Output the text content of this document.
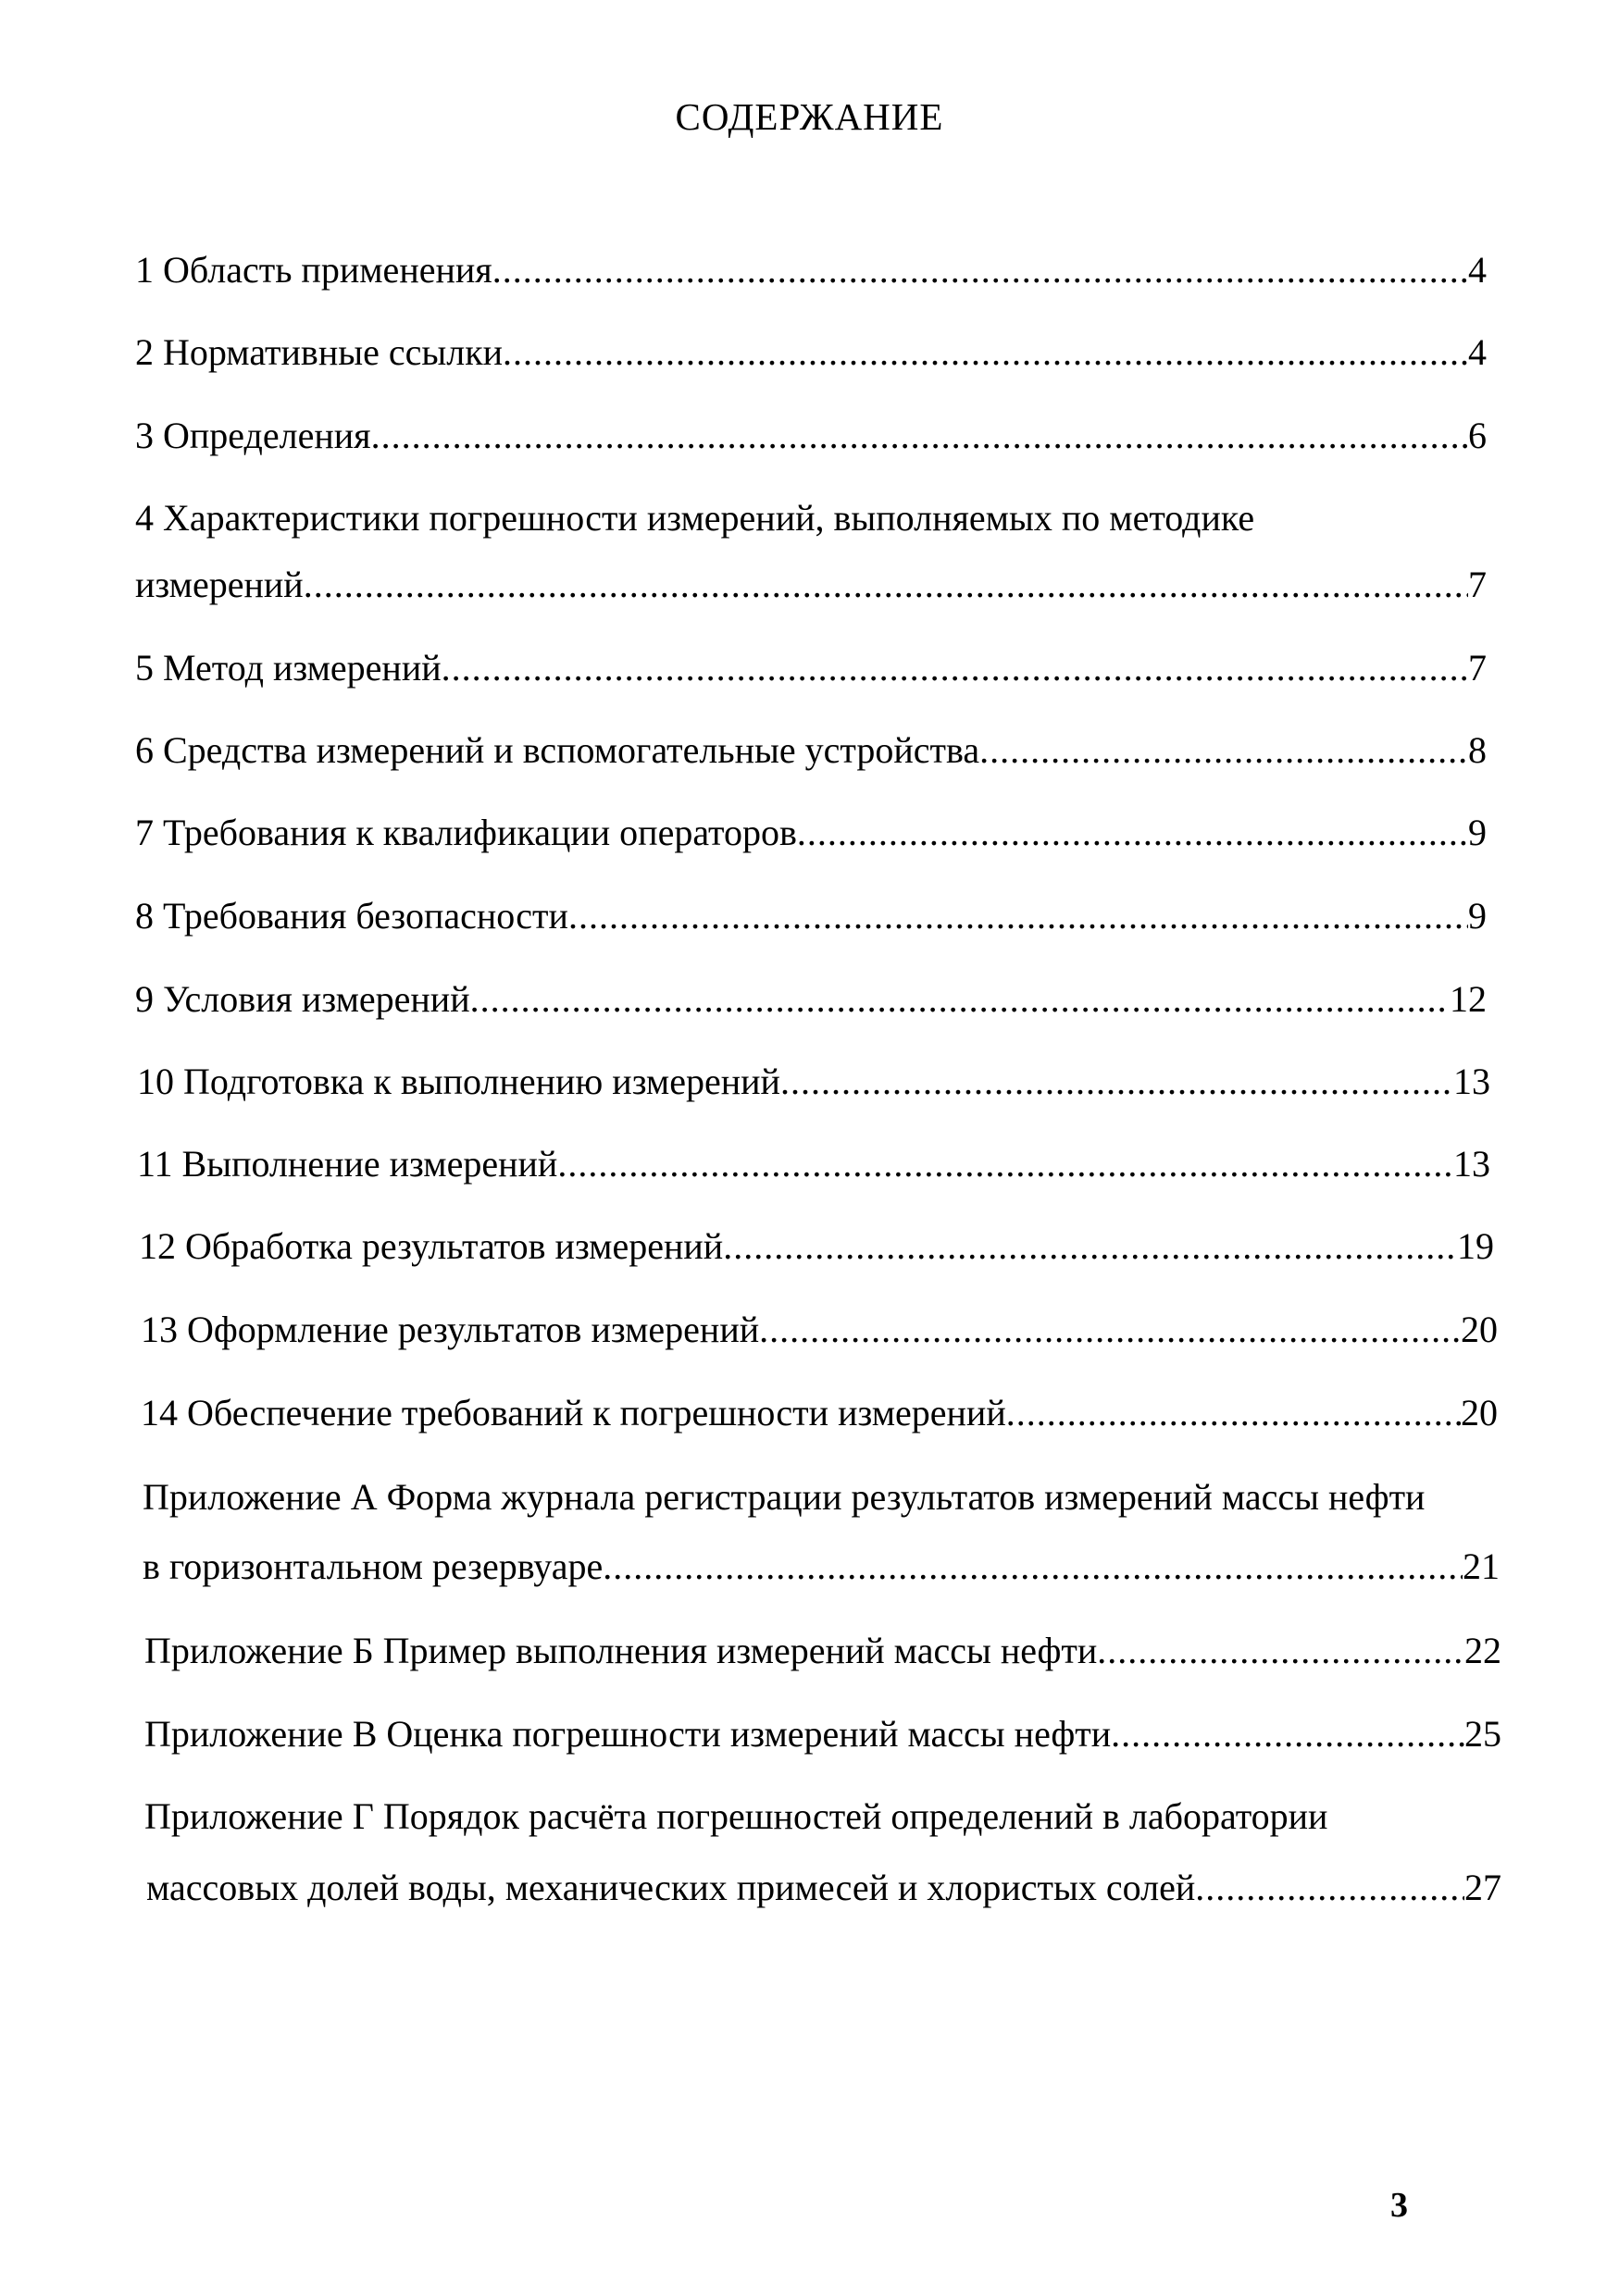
СОДЕРЖАНИЕ
1 Область применения .....	4
2 Нормативные ссылки .....	4
3 Определения .....	6
4 Характеристики погрешности измерений, выполняемых по методике
измерений .....	7
5 Метод измерений .....	7
6 Средства измерений и вспомогательные устройства .....	8
7 Требования к квалификации операторов .....	9
8 Требования безопасности .....	9
9 Условия измерений .....	12
10 Подготовка к выполнению измерений .....	13
11 Выполнение измерений .....	13
12 Обработка результатов измерений .....	19
13 Оформление результатов измерений .....	20
14 Обеспечение требований к погрешности измерений .....	20
Приложение А Форма журнала регистрации результатов измерений массы нефти
в горизонтальном резервуаре .....	21
Приложение Б Пример выполнения измерений массы нефти .....	22
Приложение В Оценка погрешности измерений массы нефти .....	25
Приложение Г Порядок расчёта погрешностей определений в лаборатории
массовых долей воды, механических примесей и хлористых солей .....	27
3
